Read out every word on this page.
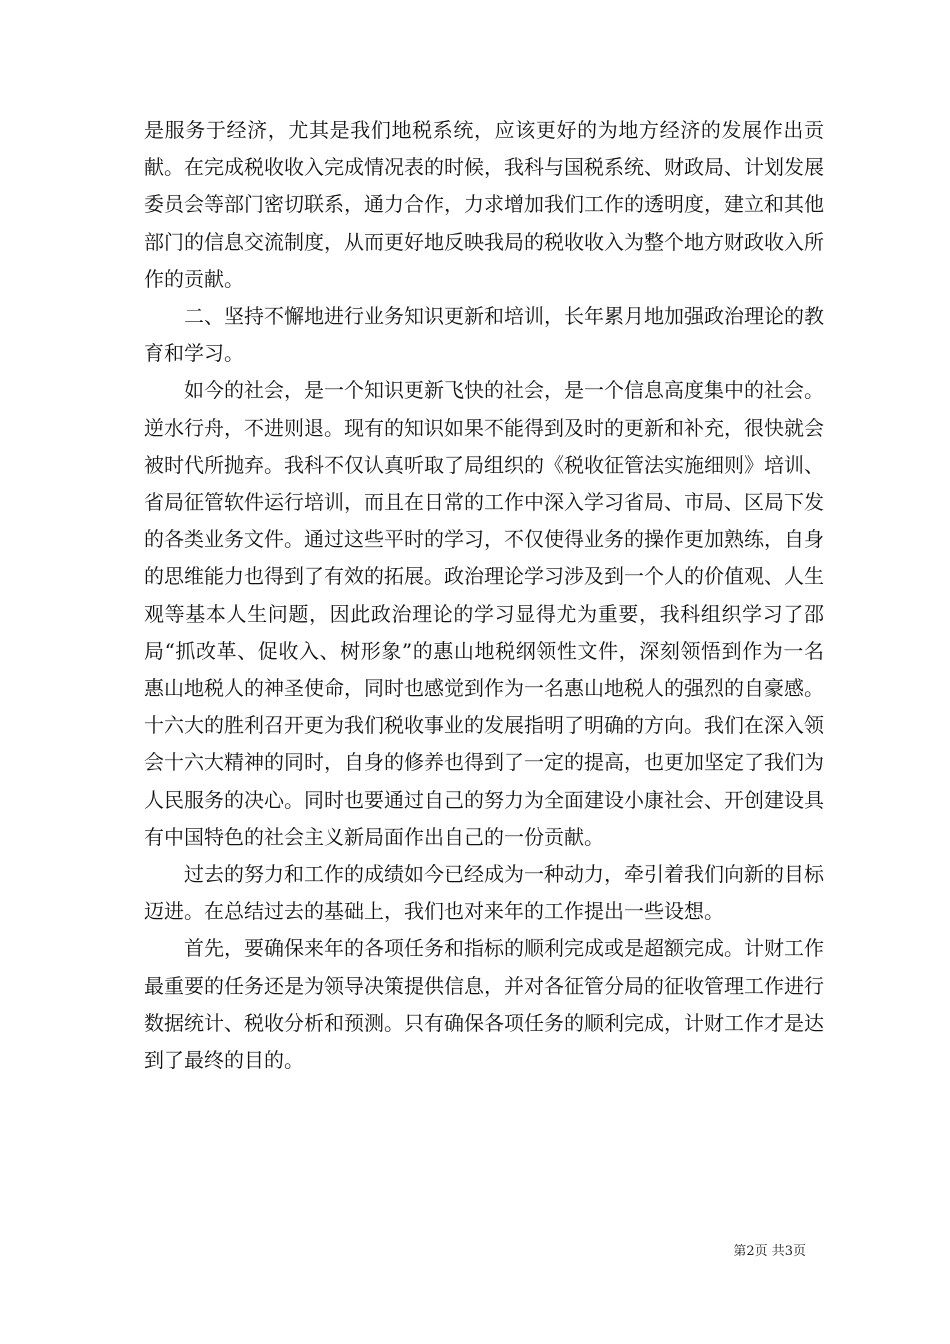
是服务于经济，尤其是我们地税系统，应该更好的为地方经济的发展作出贡献。在完成税收收入完成情况表的时候，我科与国税系统、财政局、计划发展委员会等部门密切联系，通力合作，力求增加我们工作的透明度，建立和其他部门的信息交流制度，从而更好地反映我局的税收收入为整个地方财政收入所作的贡献。

二、坚持不懈地进行业务知识更新和培训，长年累月地加强政治理论的教育和学习。

如今的社会，是一个知识更新飞快的社会，是一个信息高度集中的社会。逆水行舟，不进则退。现有的知识如果不能得到及时的更新和补充，很快就会被时代所抛弃。我科不仅认真听取了局组织的《税收征管法实施细则》培训、省局征管软件运行培训，而且在日常的工作中深入学习省局、市局、区局下发的各类业务文件。通过这些平时的学习，不仅使得业务的操作更加熟练，自身的思维能力也得到了有效的拓展。政治理论学习涉及到一个人的价值观、人生观等基本人生问题，因此政治理论的学习显得尤为重要，我科组织学习了邵局“抓改革、促收入、树形象”的惠山地税纲领性文件，深刻领悟到作为一名惠山地税人的神圣使命，同时也感觉到作为一名惠山地税人的强烈的自豪感。十六大的胜利召开更为我们税收事业的发展指明了明确的方向。我们在深入领会十六大精神的同时，自身的修养也得到了一定的提高，也更加坚定了我们为人民服务的决心。同时也要通过自己的努力为全面建设小康社会、开创建设具有中国特色的社会主义新局面作出自己的一份贡献。

过去的努力和工作的成绩如今已经成为一种动力，牵引着我们向新的目标迈进。在总结过去的基础上，我们也对来年的工作提出一些设想。

首先，要确保来年的各项任务和指标的顺利完成或是超额完成。计财工作最重要的任务还是为领导决策提供信息，并对各征管分局的征收管理工作进行数据统计、税收分析和预测。只有确保各项任务的顺利完成，计财工作才是达到了最终的目的。

第2页 共3页
